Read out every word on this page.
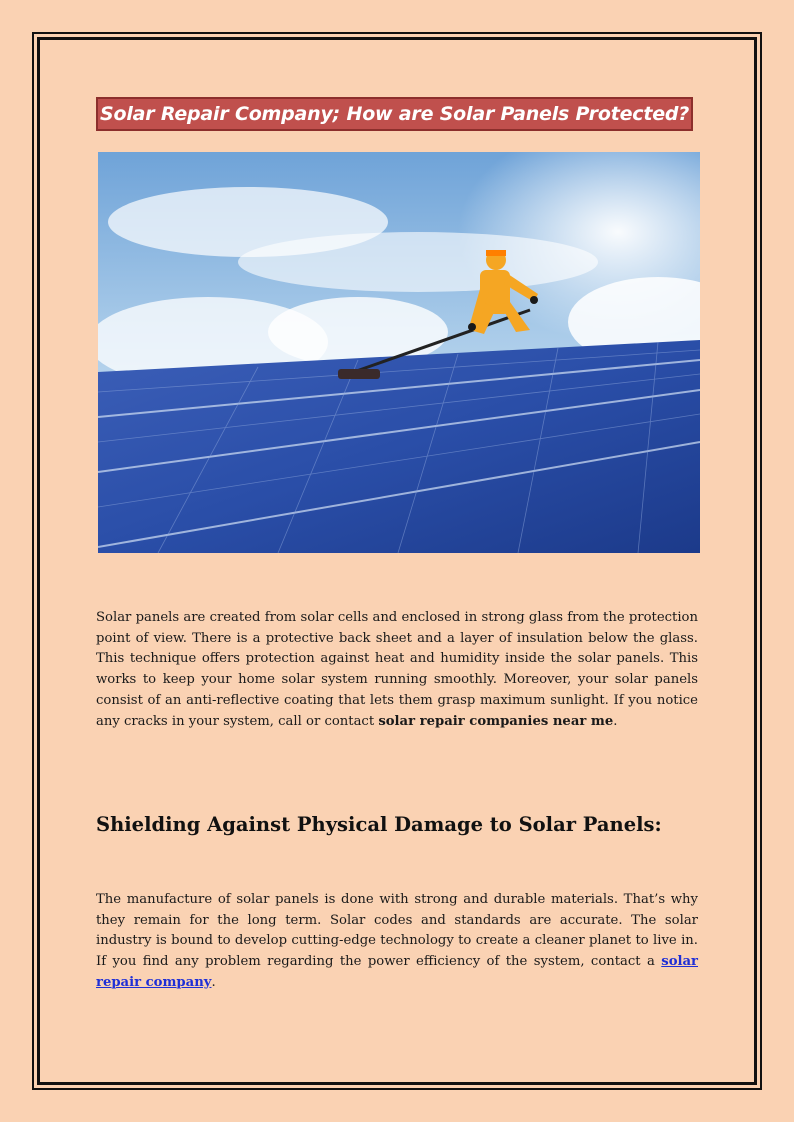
Solar Repair Company; How are Solar Panels Protected?

Solar panels are created from solar cells and enclosed in strong glass from the protection point of view. There is a protective back sheet and a layer of insulation below the glass. This technique offers protection against heat and humidity inside the solar panels. This works to keep your home solar system running smoothly. Moreover, your solar panels consist of an anti-reflective coating that lets them grasp maximum sunlight. If you notice any cracks in your system, call or contact solar repair companies near me.

Shielding Against Physical Damage to Solar Panels:

The manufacture of solar panels is done with strong and durable materials. That’s why they remain for the long term. Solar codes and standards are accurate. The solar industry is bound to develop cutting-edge technology to create a cleaner planet to live in. If you find any problem regarding the power efficiency of the system, contact a solar repair company.
